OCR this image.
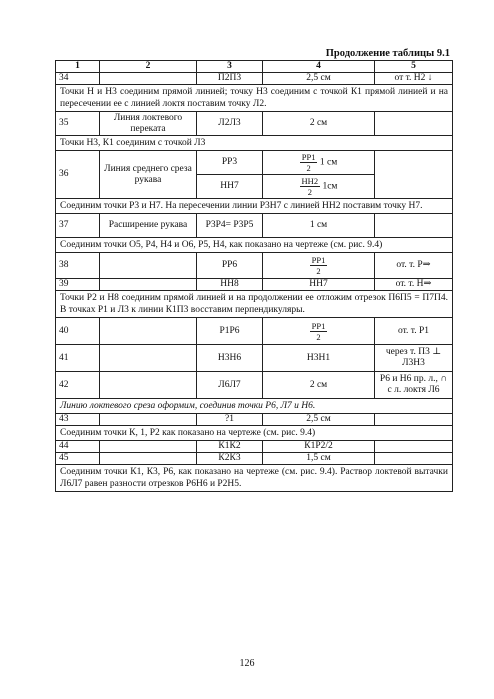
Продолжение таблицы 9.1
1	2	3	4	5
34		П2П3	2,5 см	от т. Н2 ↓
Точки Н и Н3 соединим прямой линией; точку Н3 соединим с точкой К1 прямой линией и на пересечении ее с линией локтя поставим точку Л2.				
35	Линия локтевого переката	Л2Л3	2 см	
Точки Н3, К1 соединим с точкой Л3				
36	Линия среднего среза рукава	РР3	$\frac{РР1}{2} 1$ см	
		НН7	$\frac{НН2}{2} 1см$	
Соединим точки Р3 и Н7. На пересечении линии Р3Н7 с линией НН2 поставим точку Н7.				
37	Расширение рукава	Р3Р4= Р3Р5	1 см	
Соединим точки О5, Р4, Н4 и О6, Р5, Н4, как показано на чертеже (см. рис. 9.4)				
38		РР6	$\frac{РР1}{2}$	от. т. Р⇒
39		НН8	НН7	от. т. Н⇒
Точки Р2 и Н8 соединим прямой линией и на продолжении ее отложим отрезок П6П5 = П7П4. В точках Р1 и Л3 к линии К1П3 восставим перпендикуляры.				
40		Р1Р6	$\frac{РР1}{2}$	от. т. Р1
41		Н3Н6	Н3Н1	через т. П3 ⊥ Л3Н3
42		Л6Л7	2 см	Р6 и Н6 пр. л., ∩ с л. локтя Л6
Линию локтевого среза оформим, соединив точки Р6, Л7 и Н6.				
43		?1	2,5 см	
Соединим точки К, 1, Р2 как показано на чертеже (см. рис. 9.4)				
44		К1К2	К1Р2/2	
45		К2К3	1,5 см	
Соединим точки К1, К3, Р6, как показано на чертеже (см. рис. 9.4). Раствор локтевой вытачки Л6Л7 равен разности отрезков Р6Н6 и Р2Н5.				
126
